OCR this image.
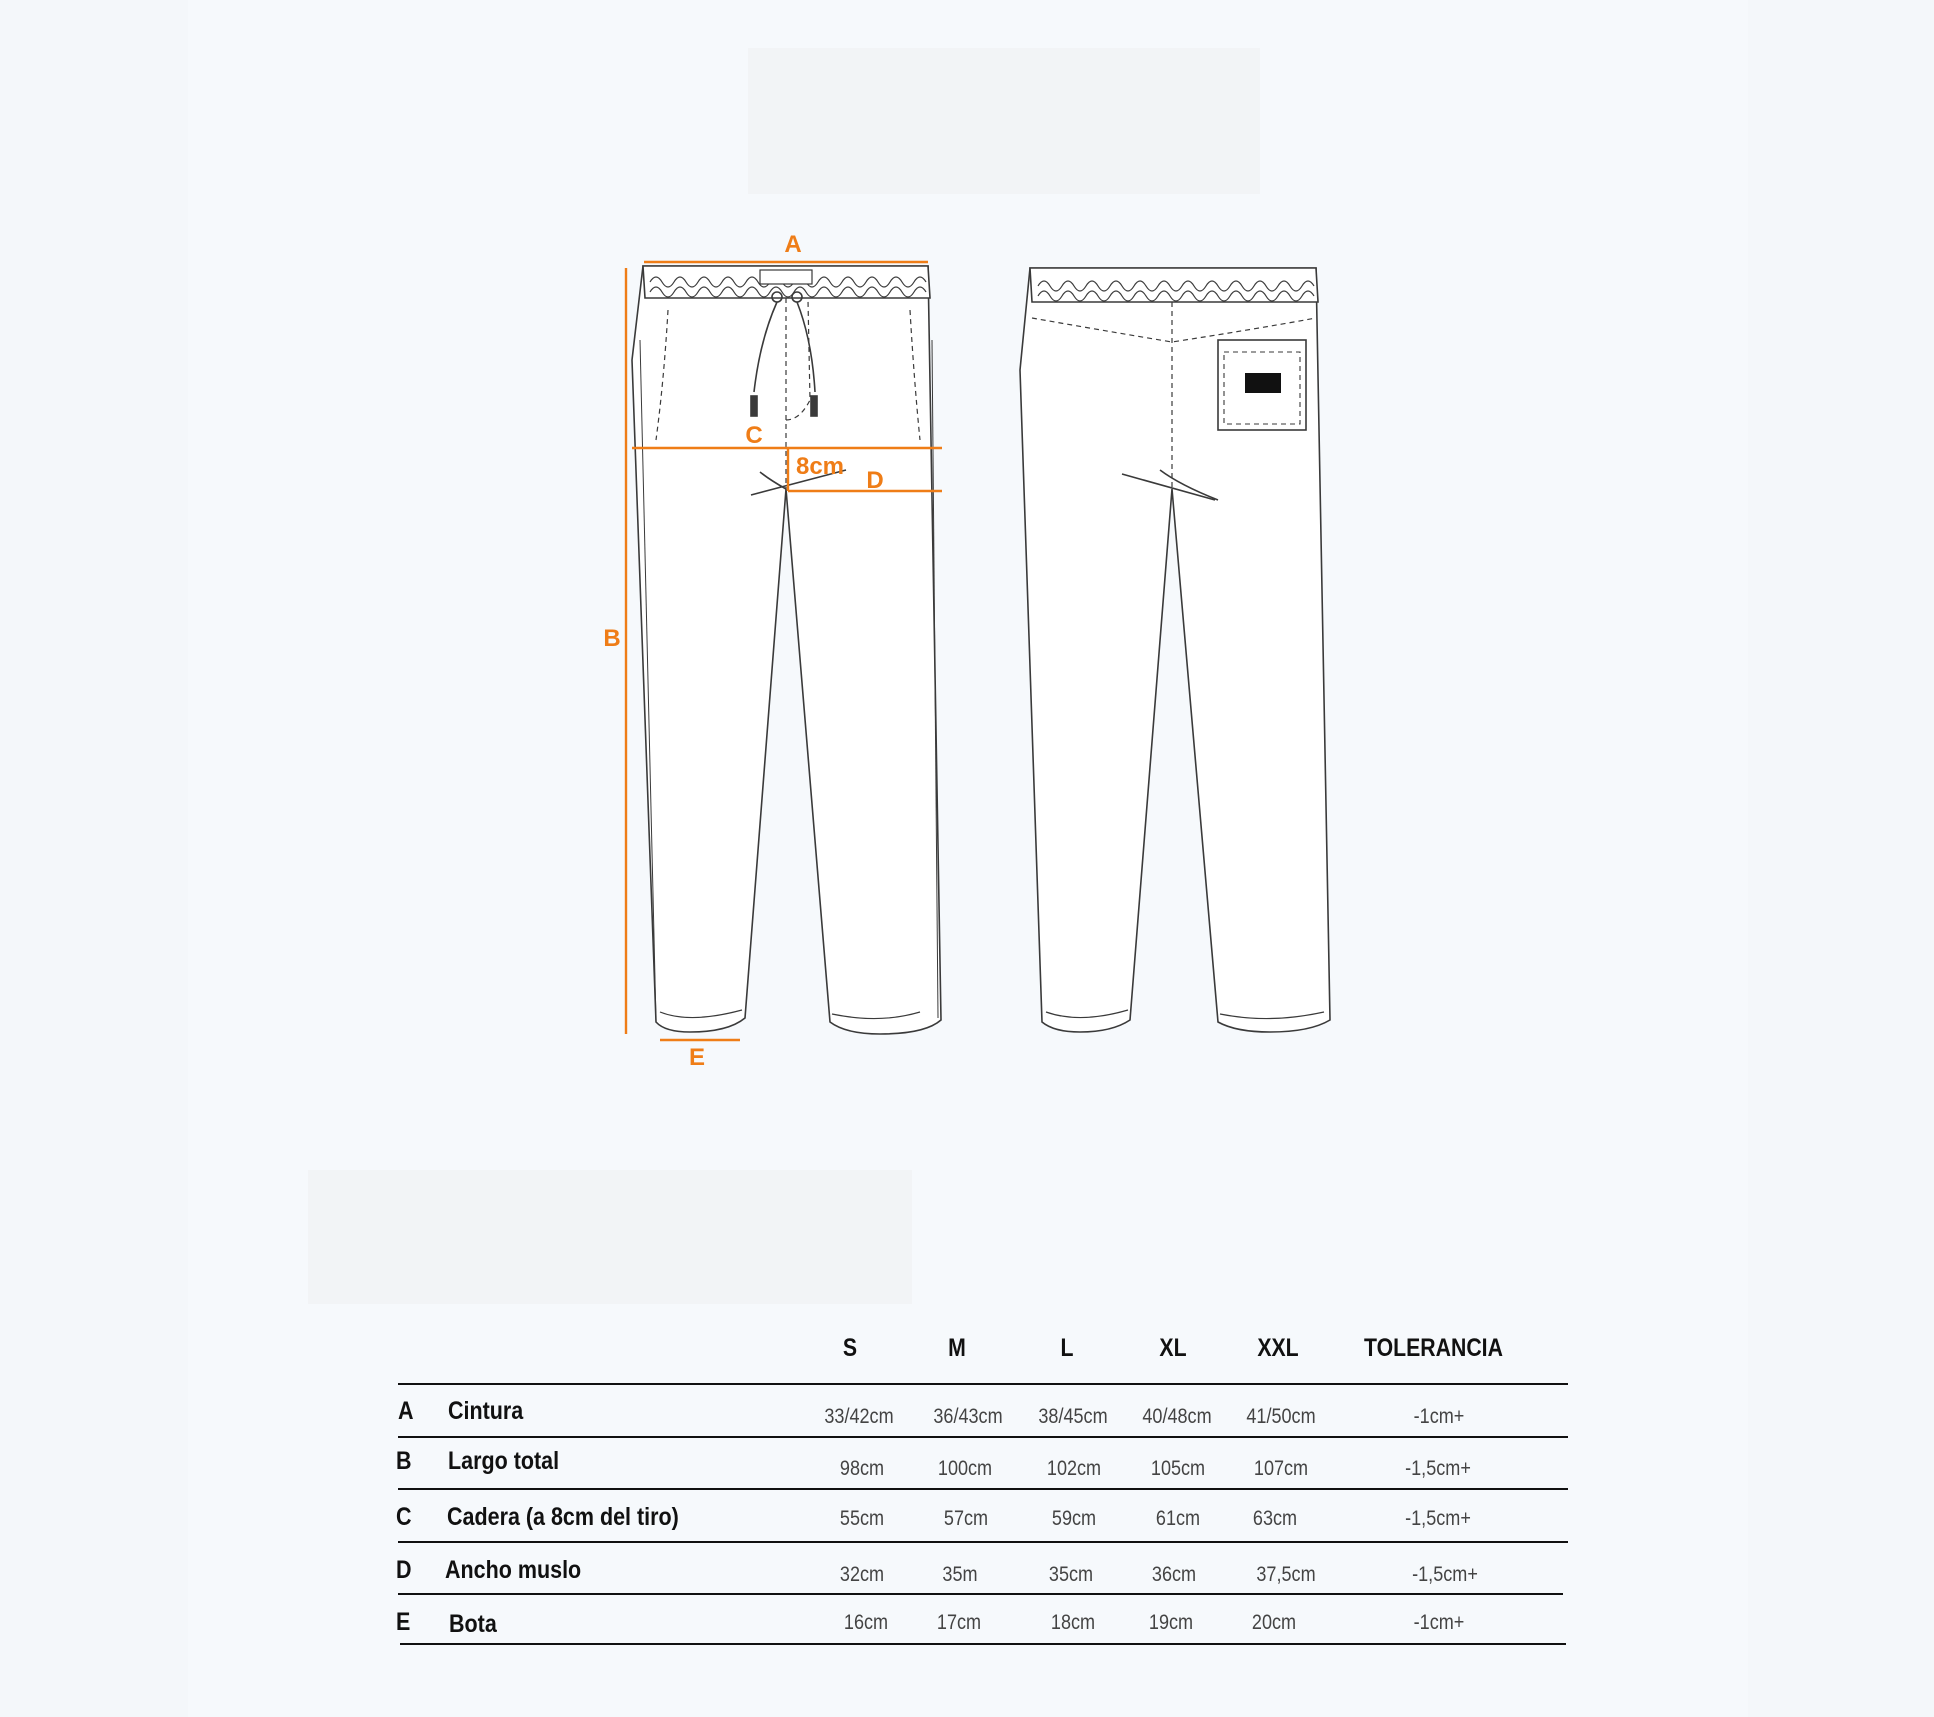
A
B
C
D
8cm
E
S	M	L	XL	XXL	TOLERANCIA
A Cintura	33/42cm 36/43cm 38/45cm 40/48cm 41/50cm	-1cm+
B Largo total	98cm	100cm	102cm 105cm 107cm	-1,5cm+
C Cadera (a 8cm del tiro)	55cm	57cm	59cm	61cm	63cm	-1,5cm+
D Ancho muslo	32cm	35m	35cm	36cm	37,5cm	-1,5cm+
E Bota	16cm 17cm	18cm	19cm	20cm	-1cm+
